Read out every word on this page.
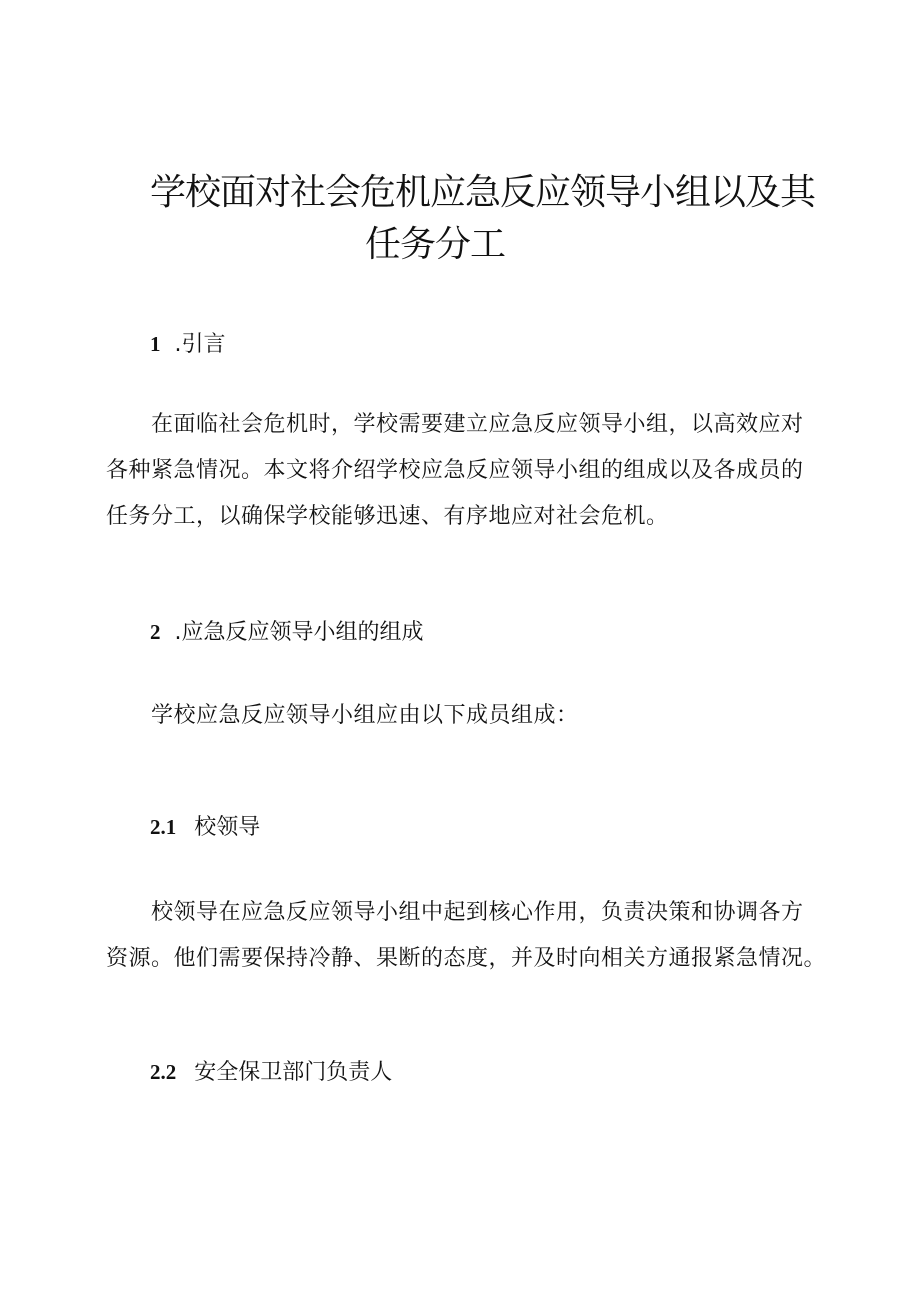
学校面对社会危机应急反应领导小组以及其
任务分工
1 .引言

在面临社会危机时，学校需要建立应急反应领导小组，以高效应对
各种紧急情况。本文将介绍学校应急反应领导小组的组成以及各成员的
任务分工，以确保学校能够迅速、有序地应对社会危机。

2 .应急反应领导小组的组成

学校应急反应领导小组应由以下成员组成：

2.1 校领导

校领导在应急反应领导小组中起到核心作用，负责决策和协调各方
资源。他们需要保持冷静、果断的态度，并及时向相关方通报紧急情况。

2.2 安全保卫部门负责人
